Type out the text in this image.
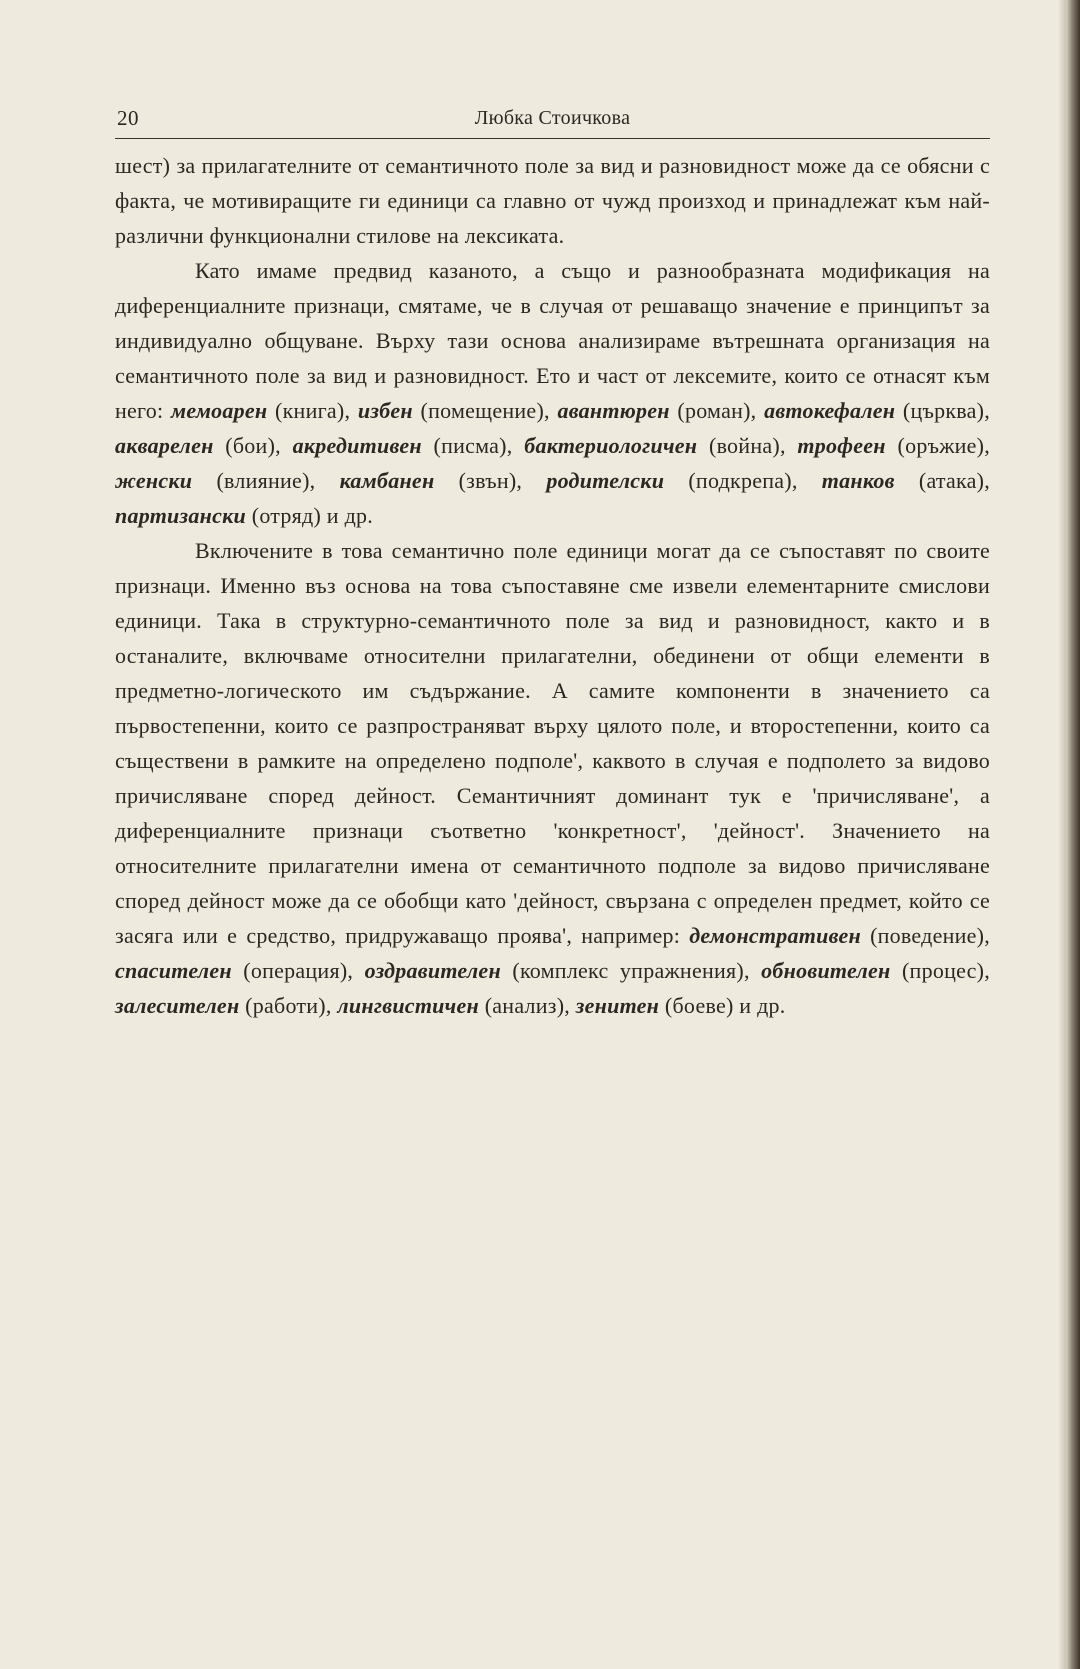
20	Любка Стоичкова

шест) за прилагателните от семантичното поле за вид и разновидност може да се обясни с факта, че мотивиращите ги единици са главно от чужд произход и принадлежат към най-различни функционални стилове на лексиката.

Като имаме предвид казаното, а също и разнообразната модификация на диференциалните признаци, смятаме, че в случая от решаващо значение е принципът за индивидуално общуване. Върху тази основа анализираме вътрешната организация на семантичното поле за вид и разновидност. Ето и част от лексемите, които се отнасят към него: мемоарен (книга), избен (помещение), авантюрен (роман), автокефален (църква), акварелен (бои), акредитивен (писма), бактериологичен (война), трофеен (оръжие), женски (влияние), камбанен (звън), родителски (подкрепа), танков (атака), партизански (отряд) и др.

Включените в това семантично поле единици могат да се съпоставят по своите признаци. Именно въз основа на това съпоставяне сме извели елементарните смислови единици. Така в структурно-семантичното поле за вид и разновидност, както и в останалите, включваме относителни прилагателни, обединени от общи елементи в предметно-логическото им съдържание. А самите компоненти в значението са първостепенни, които се разпространяват върху цялото поле, и второстепенни, които са съществени в рамките на определено подполе', каквото в случая е подполето за видово причисляване според дейност. Семантичният доминант тук е 'причисляване', а диференциалните признаци съответно 'конкретност', 'дейност'. Значението на относителните прилагателни имена от семантичното подполе за видово причисляване според дейност може да се обобщи като 'дейност, свързана с определен предмет, който се засяга или е средство, придружаващо проява', например: демонстративен (поведение), спасителен (операция), оздравителен (комплекс упражнения), обновителен (процес), залесителен (работи), лингвистичен (анализ), зенитен (боеве) и др.
